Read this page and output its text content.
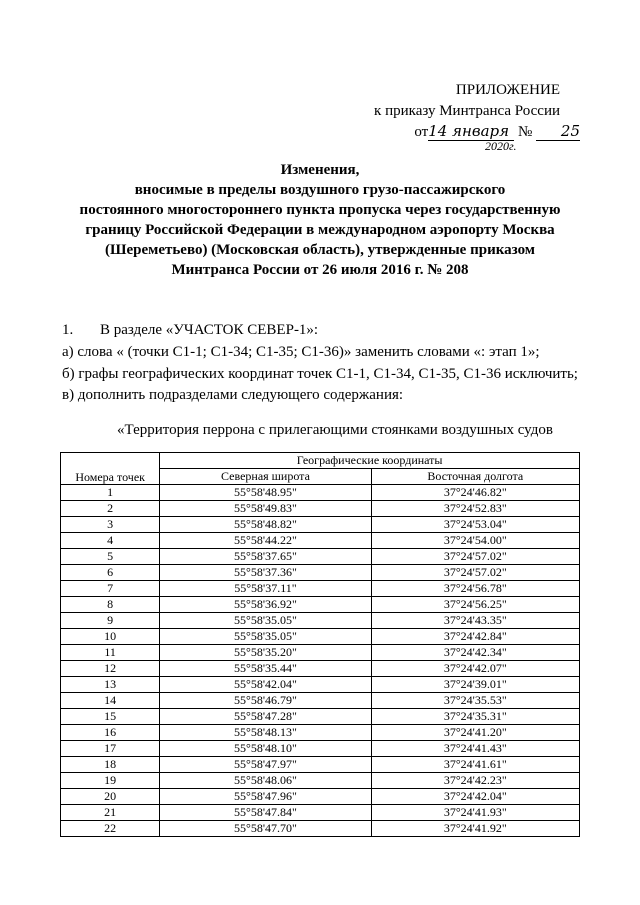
ПРИЛОЖЕНИЕ
к приказу Минтранса России
от14 января № 25
2020г.
Изменения,
вносимые в пределы воздушного грузо-пассажирского
постоянного многостороннего пункта пропуска через государственную
границу Российской Федерации в международном аэропорту Москва
(Шереметьево) (Московская область), утвержденные приказом
Минтранса России от 26 июля 2016 г. № 208
1. В разделе «УЧАСТОК СЕВЕР-1»:
а) слова « (точки С1-1; С1-34; С1-35; С1-36)» заменить словами «: этап 1»;
б) графы географических координат точек С1-1, С1-34, С1-35, С1-36 исключить;
в) дополнить подразделами следующего содержания:
«Территория перрона с прилегающими стоянками воздушных судов
Номера точек	Географические координаты	
	Северная широта	Восточная долгота
1	55°58'48.95"	37°24'46.82"
2	55°58'49.83"	37°24'52.83"
3	55°58'48.82"	37°24'53.04"
4	55°58'44.22"	37°24'54.00"
5	55°58'37.65"	37°24'57.02"
6	55°58'37.36"	37°24'57.02"
7	55°58'37.11"	37°24'56.78"
8	55°58'36.92"	37°24'56.25"
9	55°58'35.05"	37°24'43.35"
10	55°58'35.05"	37°24'42.84"
11	55°58'35.20"	37°24'42.34"
12	55°58'35.44"	37°24'42.07"
13	55°58'42.04"	37°24'39.01"
14	55°58'46.79"	37°24'35.53"
15	55°58'47.28"	37°24'35.31"
16	55°58'48.13"	37°24'41.20"
17	55°58'48.10"	37°24'41.43"
18	55°58'47.97"	37°24'41.61"
19	55°58'48.06"	37°24'42.23"
20	55°58'47.96"	37°24'42.04"
21	55°58'47.84"	37°24'41.93"
22	55°58'47.70"	37°24'41.92"
